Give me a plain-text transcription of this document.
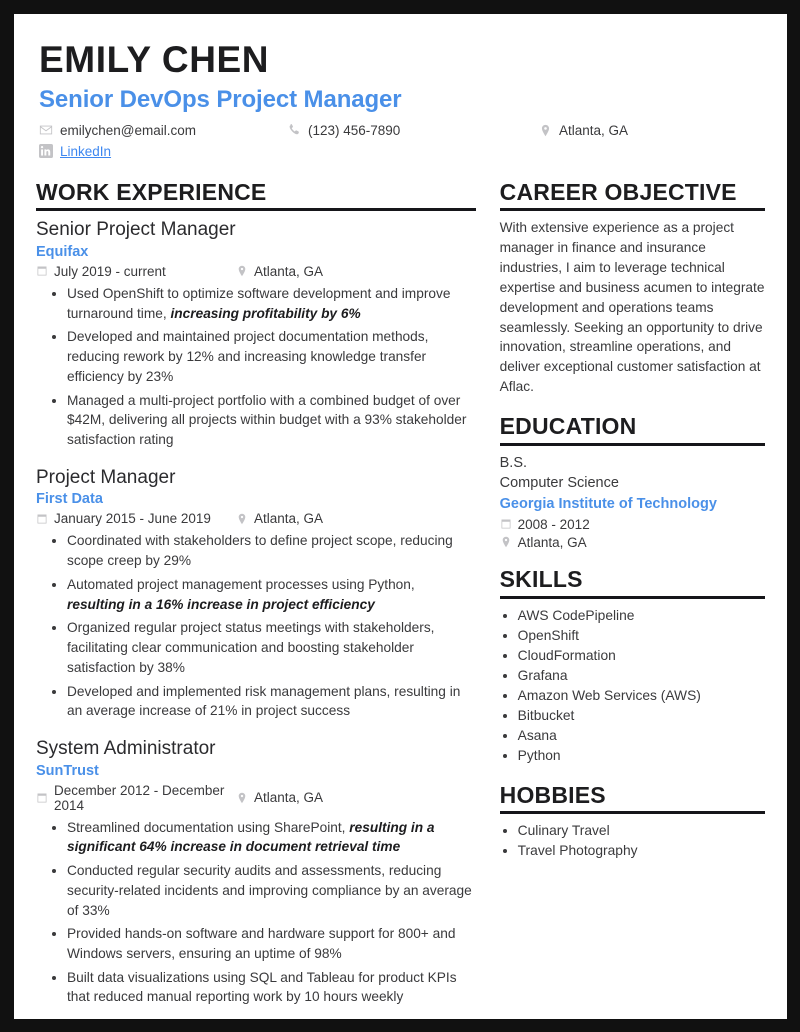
EMILY CHEN
Senior DevOps Project Manager
emilychen@email.com	(123) 456-7890	Atlanta, GA
LinkedIn
WORK EXPERIENCE
Senior Project Manager
Equifax
July 2019 - current	Atlanta, GA
• Used OpenShift to optimize software development and improve turnaround time, increasing profitability by 6%
• Developed and maintained project documentation methods, reducing rework by 12% and increasing knowledge transfer efficiency by 23%
• Managed a multi-project portfolio with a combined budget of over $42M, delivering all projects within budget with a 93% stakeholder satisfaction rating
Project Manager
First Data
January 2015 - June 2019	Atlanta, GA
• Coordinated with stakeholders to define project scope, reducing scope creep by 29%
• Automated project management processes using Python, resulting in a 16% increase in project efficiency
• Organized regular project status meetings with stakeholders, facilitating clear communication and boosting stakeholder satisfaction by 38%
• Developed and implemented risk management plans, resulting in an average increase of 21% in project success
System Administrator
SunTrust
December 2012 - December 2014	Atlanta, GA
• Streamlined documentation using SharePoint, resulting in a significant 64% increase in document retrieval time
• Conducted regular security audits and assessments, reducing security-related incidents and improving compliance by an average of 33%
• Provided hands-on software and hardware support for 800+ and Windows servers, ensuring an uptime of 98%
• Built data visualizations using SQL and Tableau for product KPIs that reduced manual reporting work by 10 hours weekly
CAREER OBJECTIVE
With extensive experience as a project manager in finance and insurance industries, I aim to leverage technical expertise and business acumen to integrate development and operations teams seamlessly. Seeking an opportunity to drive innovation, streamline operations, and deliver exceptional customer satisfaction at Aflac.
EDUCATION
B.S.
Computer Science
Georgia Institute of Technology
2008 - 2012
Atlanta, GA
SKILLS
• AWS CodePipeline
• OpenShift
• CloudFormation
• Grafana
• Amazon Web Services (AWS)
• Bitbucket
• Asana
• Python
HOBBIES
• Culinary Travel
• Travel Photography
